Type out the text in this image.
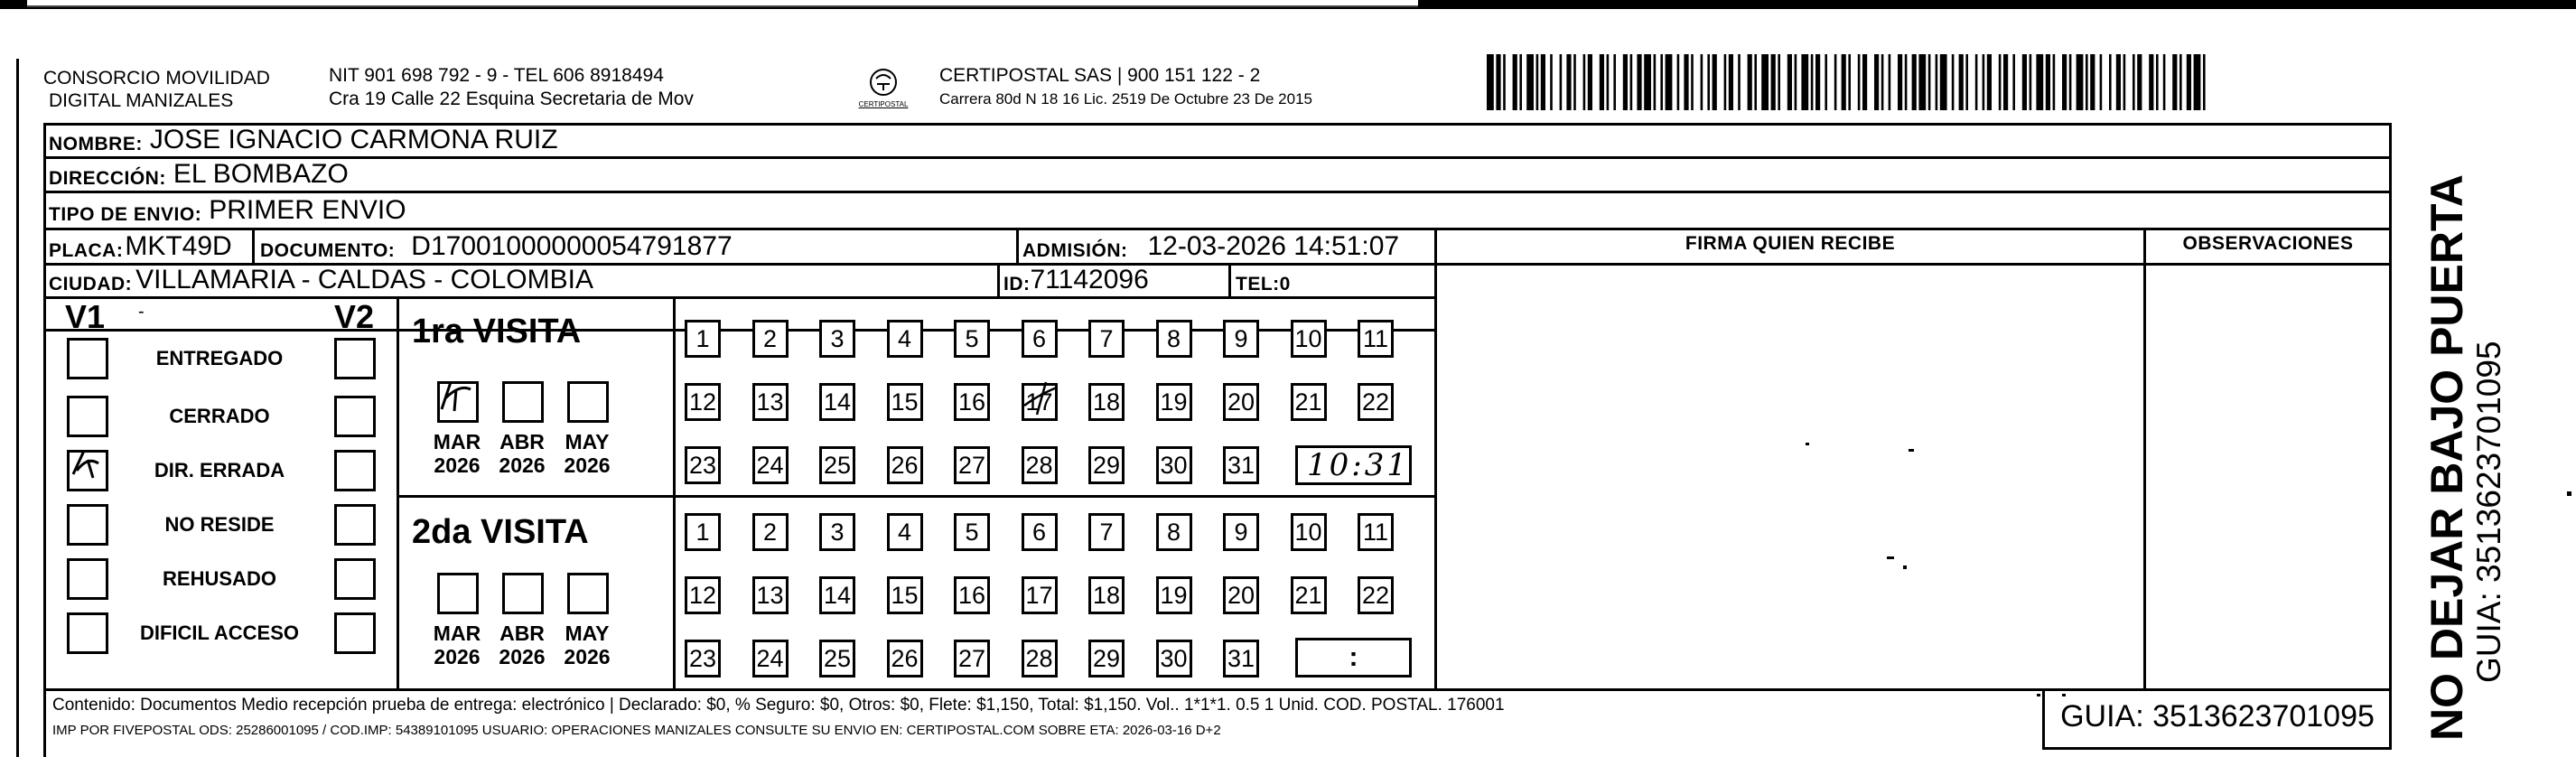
CONSORCIO MOVILIDAD
DIGITAL MANIZALES
NIT 901 698 792 - 9 - TEL 606 8918494
Cra 19 Calle 22 Esquina Secretaria de Mov	CERTIPOSTAL
CERTIPOSTAL SAS | 900 151 122 - 2
Carrera 80d N 18 16 Lic. 2519 De Octubre 23 De 2015
NOMBRE: JOSE IGNACIO CARMONA RUIZ
DIRECCIÓN: EL BOMBAZO
TIPO DE ENVIO: PRIMER ENVIO
FIRMA QUIEN RECIBE	OBSERVACIONES
PLACA: MKT49D DOCUMENTO: D17001000000054791877	ADMISIÓN: 12-03-2026 14:51:07
CIUDAD: VILLAMARIA - CALDAS - COLOMBIA	ID: 71142096	TEL: 0
V1	V2
-
ENTREGADO
CERRADO
DIR. ERRADA
NO RESIDE
REHUSADO
DIFICIL ACCESO
1ra VISITA
2da VISITA
MAR
2026
ABR
2026
MAY
2026
MAR
2026
ABR
2026
MAY
2026
1	2	3	4	5	6	7	8	9	10 11
12 13 14 15 16 17 18 19 20 21 22
23 24 25 26 27 28 29 30 31
1	2	3	4	5	6	7	8	9	10 11
12 13 14 15 16 17 18 19 20 21 22
23 24 25 26 27 28 29 30 31
10:31
:
Contenido: Documentos Medio recepción prueba de entrega: electrónico | Declarado: $0, % Seguro: $0, Otros: $0, Flete: $1,150, Total: $1,150. Vol.. 1*1*1. 0.5 1 Unid. COD. POSTAL. 176001
IMP POR FIVEPOSTAL ODS: 25286001095 / COD.IMP: 54389101095 USUARIO: OPERACIONES MANIZALES CONSULTE SU ENVIO EN: CERTIPOSTAL.COM SOBRE ETA: 2026-03-16 D+2	GUIA: 3513623701095	NO DEJAR BAJO PUERTA
GUIA: 3513623701095
